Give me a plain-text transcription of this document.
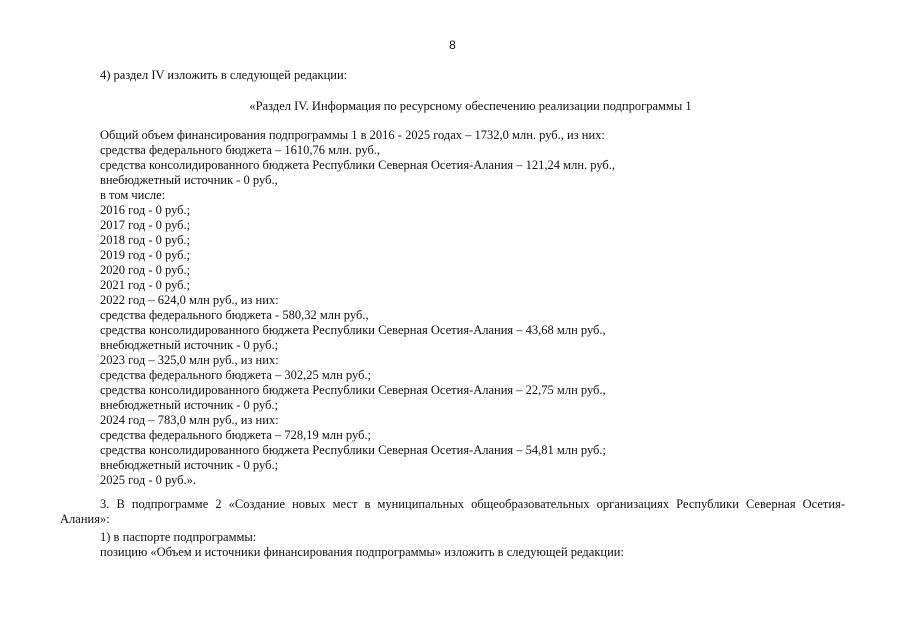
8
4) раздел IV изложить в следующей редакции:
«Раздел IV. Информация по ресурсному обеспечению реализации подпрограммы 1
Общий объем финансирования подпрограммы 1 в 2016 - 2025 годах – 1732,0 млн. руб., из них:
средства федерального бюджета – 1610,76 млн. руб.,
средства консолидированного бюджета Республики Северная Осетия-Алания – 121,24 млн. руб.,
внебюджетный источник - 0 руб.,
в том числе:
2016 год - 0 руб.;
2017 год - 0 руб.;
2018 год - 0 руб.;
2019 год - 0 руб.;
2020 год - 0 руб.;
2021 год - 0 руб.;
2022 год – 624,0 млн руб., из них:
средства федерального бюджета - 580,32 млн руб.,
средства консолидированного бюджета Республики Северная Осетия-Алания – 43,68 млн руб.,
внебюджетный источник - 0 руб.;
2023 год – 325,0 млн руб., из них:
средства федерального бюджета – 302,25 млн руб.;
средства консолидированного бюджета Республики Северная Осетия-Алания – 22,75 млн руб.,
внебюджетный источник - 0 руб.;
2024 год – 783,0 млн руб., из них:
средства федерального бюджета – 728,19 млн руб.;
средства консолидированного бюджета Республики Северная Осетия-Алания – 54,81 млн руб.;
внебюджетный источник - 0 руб.;
2025 год - 0 руб.».
3. В подпрограмме 2 «Создание новых мест в муниципальных общеобразовательных организациях Республики Северная Осетия-
Алания»:
1) в паспорте подпрограммы:
позицию «Объем и источники финансирования подпрограммы» изложить в следующей редакции:
